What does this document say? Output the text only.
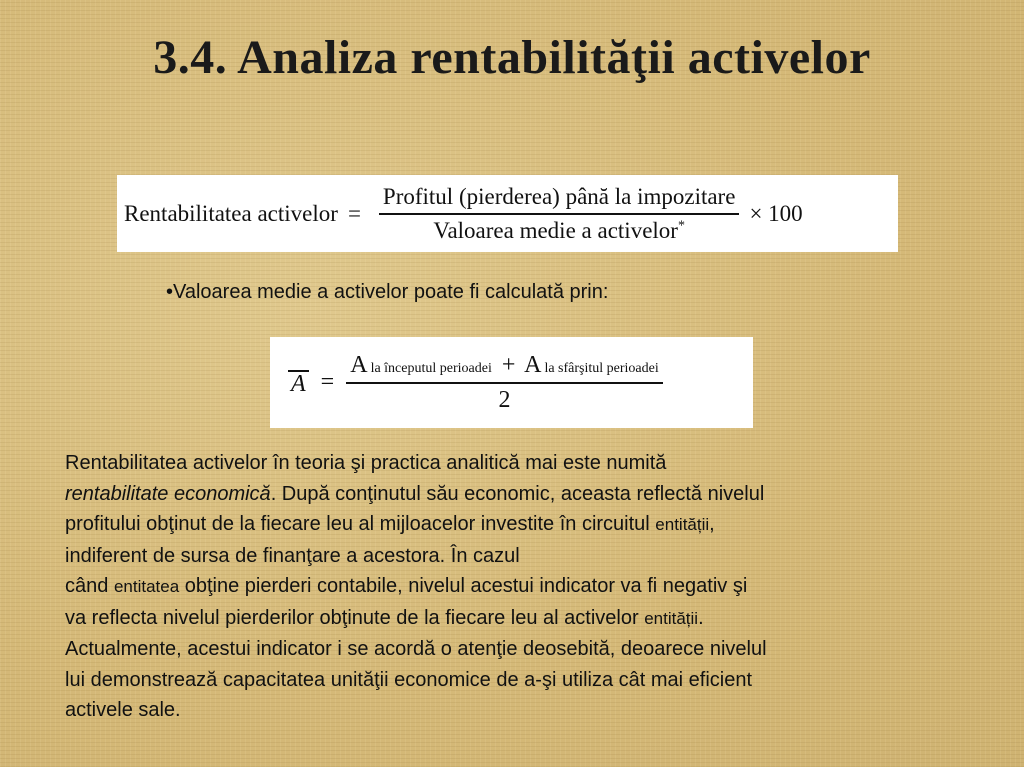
3.4. Analiza rentabilităţii activelor
Rentabilitatea activelor = $\frac{\text{Profitul (pierderea) până la impozitare}}{Valoarea medie a activelor^*} \times 100$
•Valoarea medie a activelor poate fi calculată prin:
A =
Ala începutul perioadei + A la sfârşitul perioadei
2
Rentabilitatea activelor în teoria şi practica analitică mai este numită
rentabilitate economică. După conţinutul său economic, aceasta reflectă nivelul
profitului obţinut de la fiecare leu al mijloacelor investite în circuitul entității,
indiferent de sursa de finanţare a acestora. În cazul
când entitatea obţine pierderi contabile, nivelul acestui indicator va fi negativ şi
va reflecta nivelul pierderilor obţinute de la fiecare leu al activelor entității.
Actualmente, acestui indicator i se acordă o atenţie deosebită, deoarece nivelul
lui demonstrează capacitatea unităţii economice de a-şi utiliza cât mai eficient
activele sale.
